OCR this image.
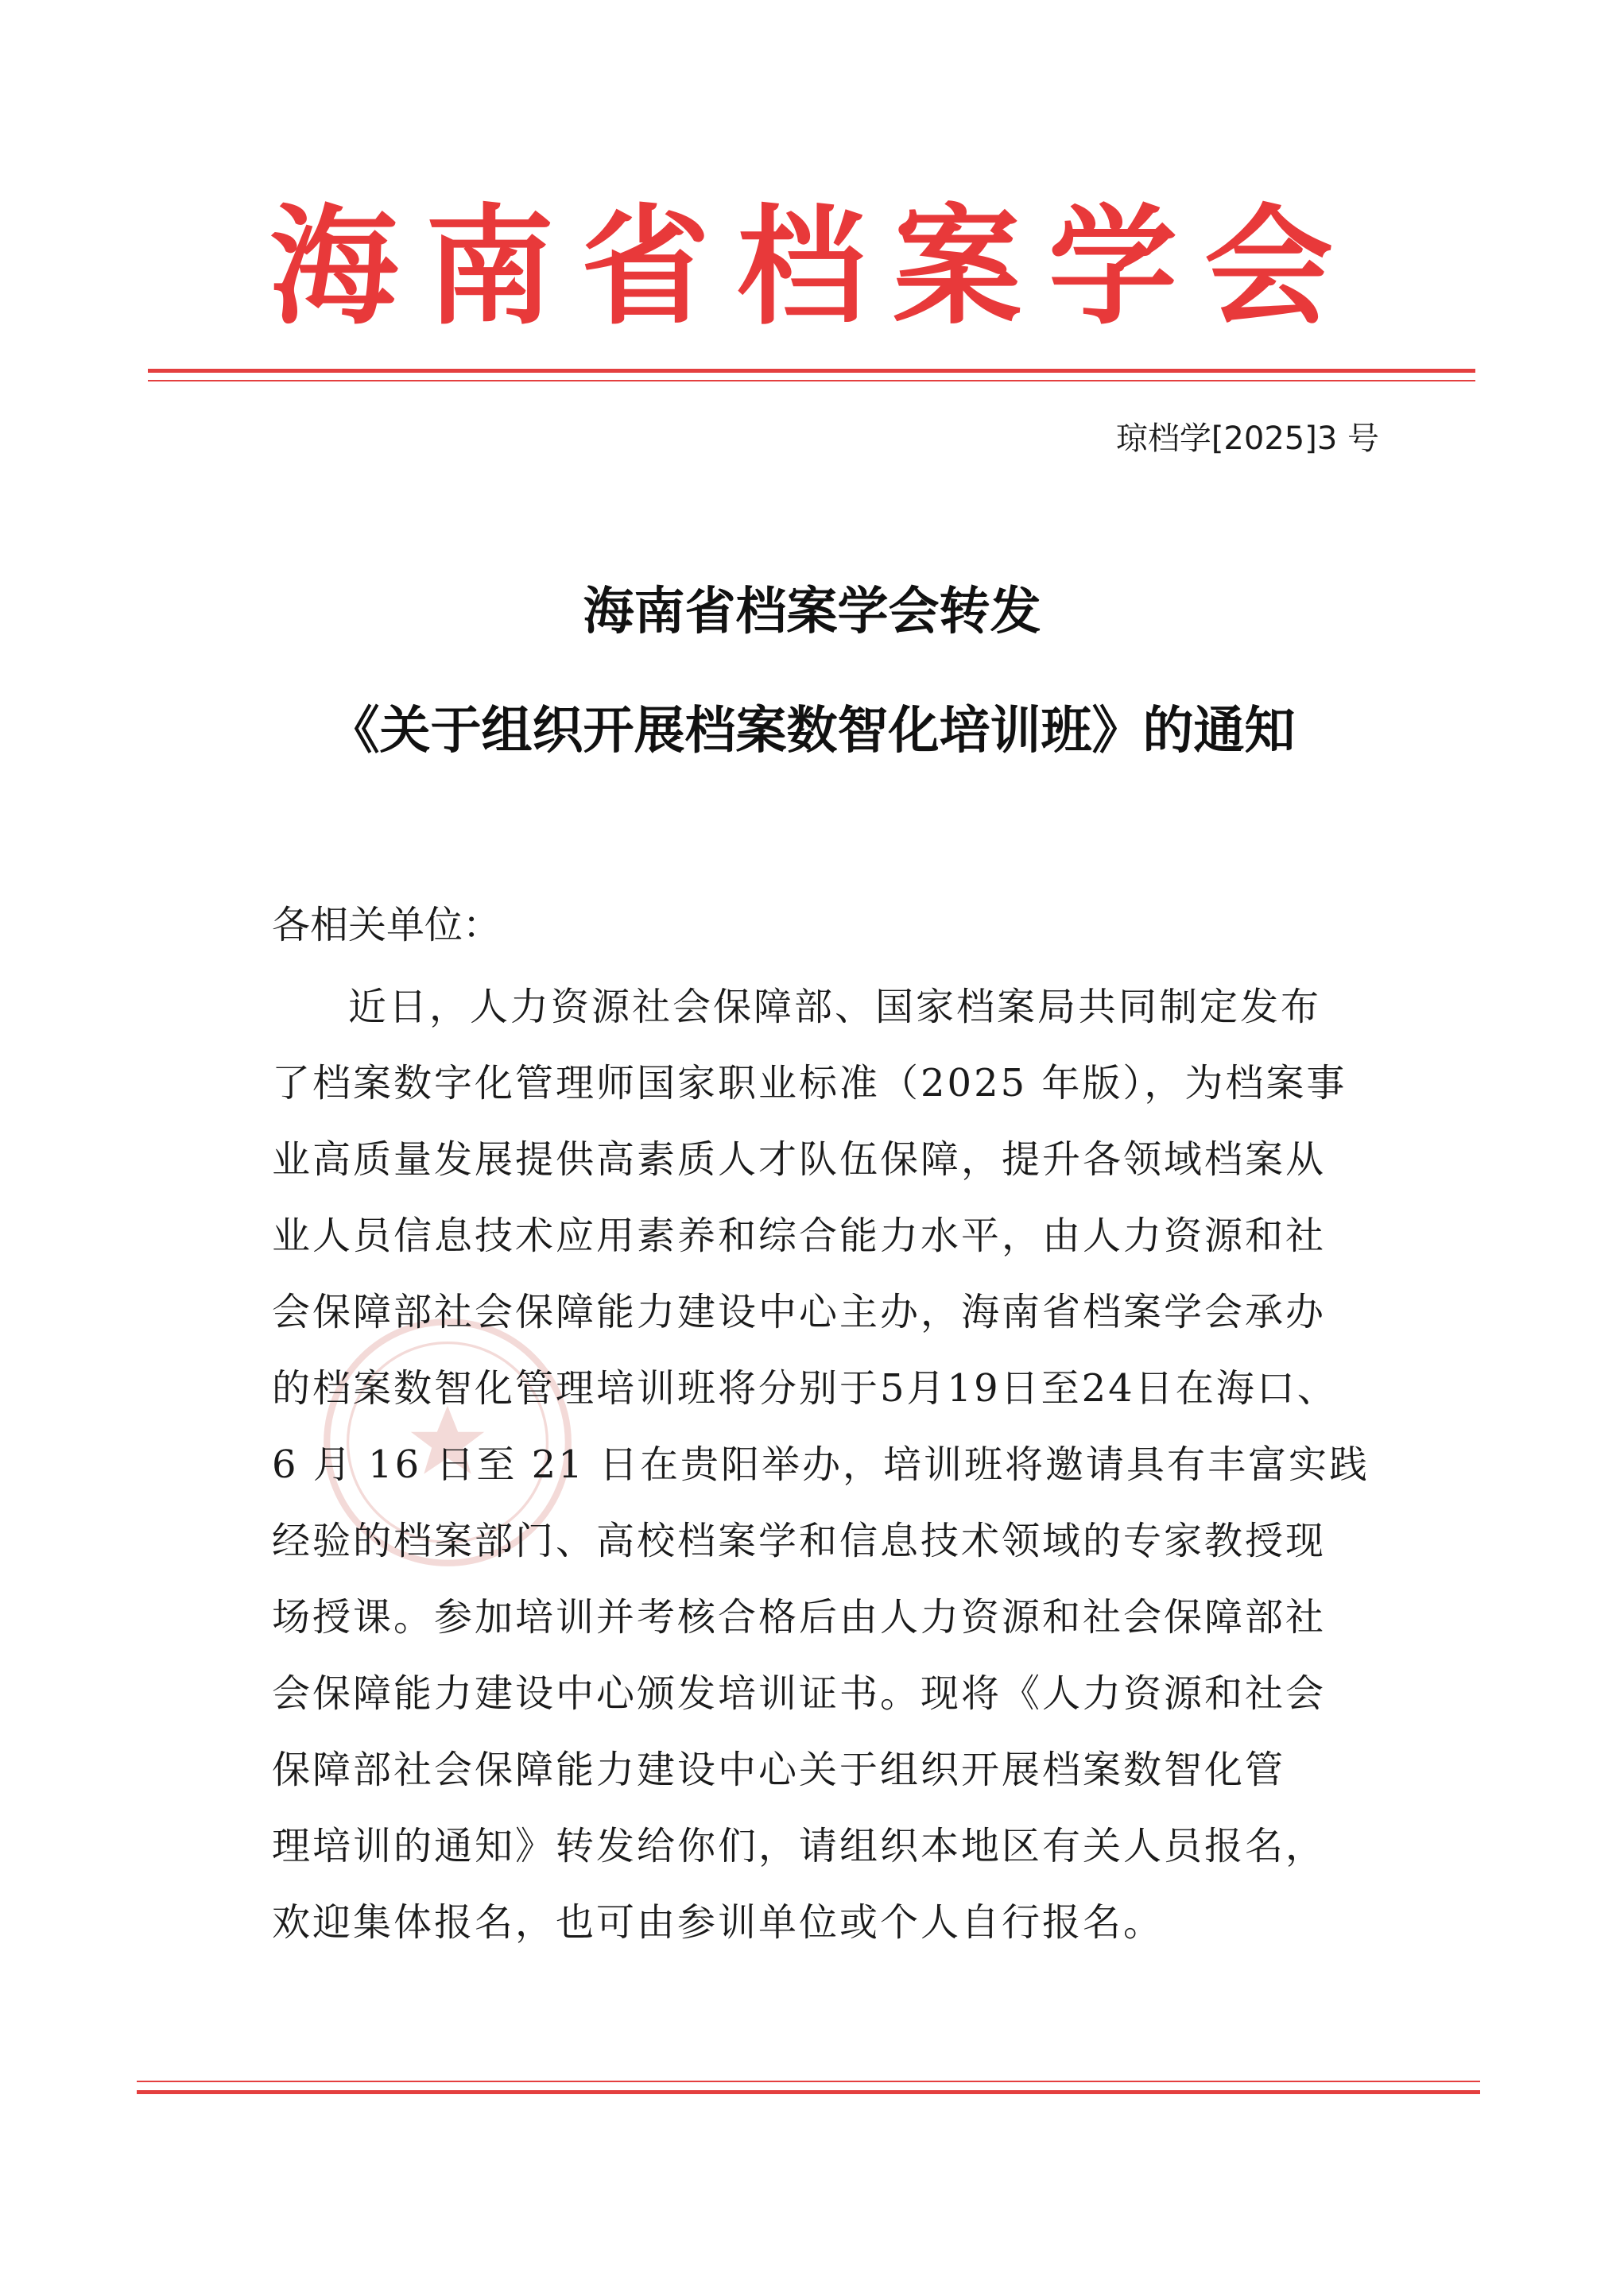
海南省档案学会
琼档学[2025]3 号
海南省档案学会转发
《关于组织开展档案数智化培训班》的通知
各相关单位：
近日，人力资源社会保障部、国家档案局共同制定发布
了档案数字化管理师国家职业标准（2025 年版），为档案事
业高质量发展提供高素质人才队伍保障，提升各领域档案从
业人员信息技术应用素养和综合能力水平，由人力资源和社
会保障部社会保障能力建设中心主办，海南省档案学会承办
的档案数智化管理培训班将分别于5月19日至24日在海口、
6 月 16 日至 21 日在贵阳举办，培训班将邀请具有丰富实践
经验的档案部门、高校档案学和信息技术领域的专家教授现
场授课。参加培训并考核合格后由人力资源和社会保障部社
会保障能力建设中心颁发培训证书。现将《人力资源和社会
保障部社会保障能力建设中心关于组织开展档案数智化管
理培训的通知》转发给你们，请组织本地区有关人员报名，
欢迎集体报名，也可由参训单位或个人自行报名。
